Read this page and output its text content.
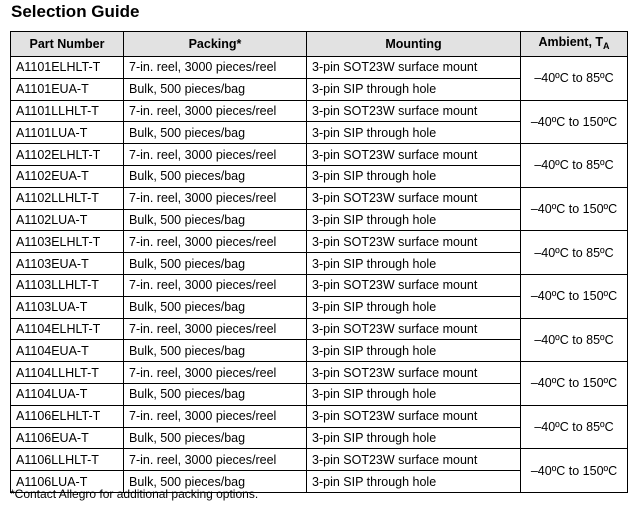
Selection Guide
Part Number	Packing*	Mounting	Ambient, $T_A$
A1101ELHLT-T	7-in. reel, 3000 pieces/reel	3-pin SOT23W surface mount	–40ºC to 85ºC
A1101EUA-T	Bulk, 500 pieces/bag	3-pin SIP through hole	
A1101LLHLT-T	7-in. reel, 3000 pieces/reel	3-pin SOT23W surface mount	–40ºC to 150ºC
A1101LUA-T	Bulk, 500 pieces/bag	3-pin SIP through hole	
A1102ELHLT-T	7-in. reel, 3000 pieces/reel	3-pin SOT23W surface mount	–40ºC to 85ºC
A1102EUA-T	Bulk, 500 pieces/bag	3-pin SIP through hole	
A1102LLHLT-T	7-in. reel, 3000 pieces/reel	3-pin SOT23W surface mount	–40ºC to 150ºC
A1102LUA-T	Bulk, 500 pieces/bag	3-pin SIP through hole	
A1103ELHLT-T	7-in. reel, 3000 pieces/reel	3-pin SOT23W surface mount	–40ºC to 85ºC
A1103EUA-T	Bulk, 500 pieces/bag	3-pin SIP through hole	
A1103LLHLT-T	7-in. reel, 3000 pieces/reel	3-pin SOT23W surface mount	–40ºC to 150ºC
A1103LUA-T	Bulk, 500 pieces/bag	3-pin SIP through hole	
A1104ELHLT-T	7-in. reel, 3000 pieces/reel	3-pin SOT23W surface mount	–40ºC to 85ºC
A1104EUA-T	Bulk, 500 pieces/bag	3-pin SIP through hole	
A1104LLHLT-T	7-in. reel, 3000 pieces/reel	3-pin SOT23W surface mount	–40ºC to 150ºC
A1104LUA-T	Bulk, 500 pieces/bag	3-pin SIP through hole	
A1106ELHLT-T	7-in. reel, 3000 pieces/reel	3-pin SOT23W surface mount	–40ºC to 85ºC
A1106EUA-T	Bulk, 500 pieces/bag	3-pin SIP through hole	
A1106LLHLT-T	7-in. reel, 3000 pieces/reel	3-pin SOT23W surface mount	–40ºC to 150ºC
A1106LUA-T	Bulk, 500 pieces/bag	3-pin SIP through hole	
*Contact Allegro for additional packing options.
